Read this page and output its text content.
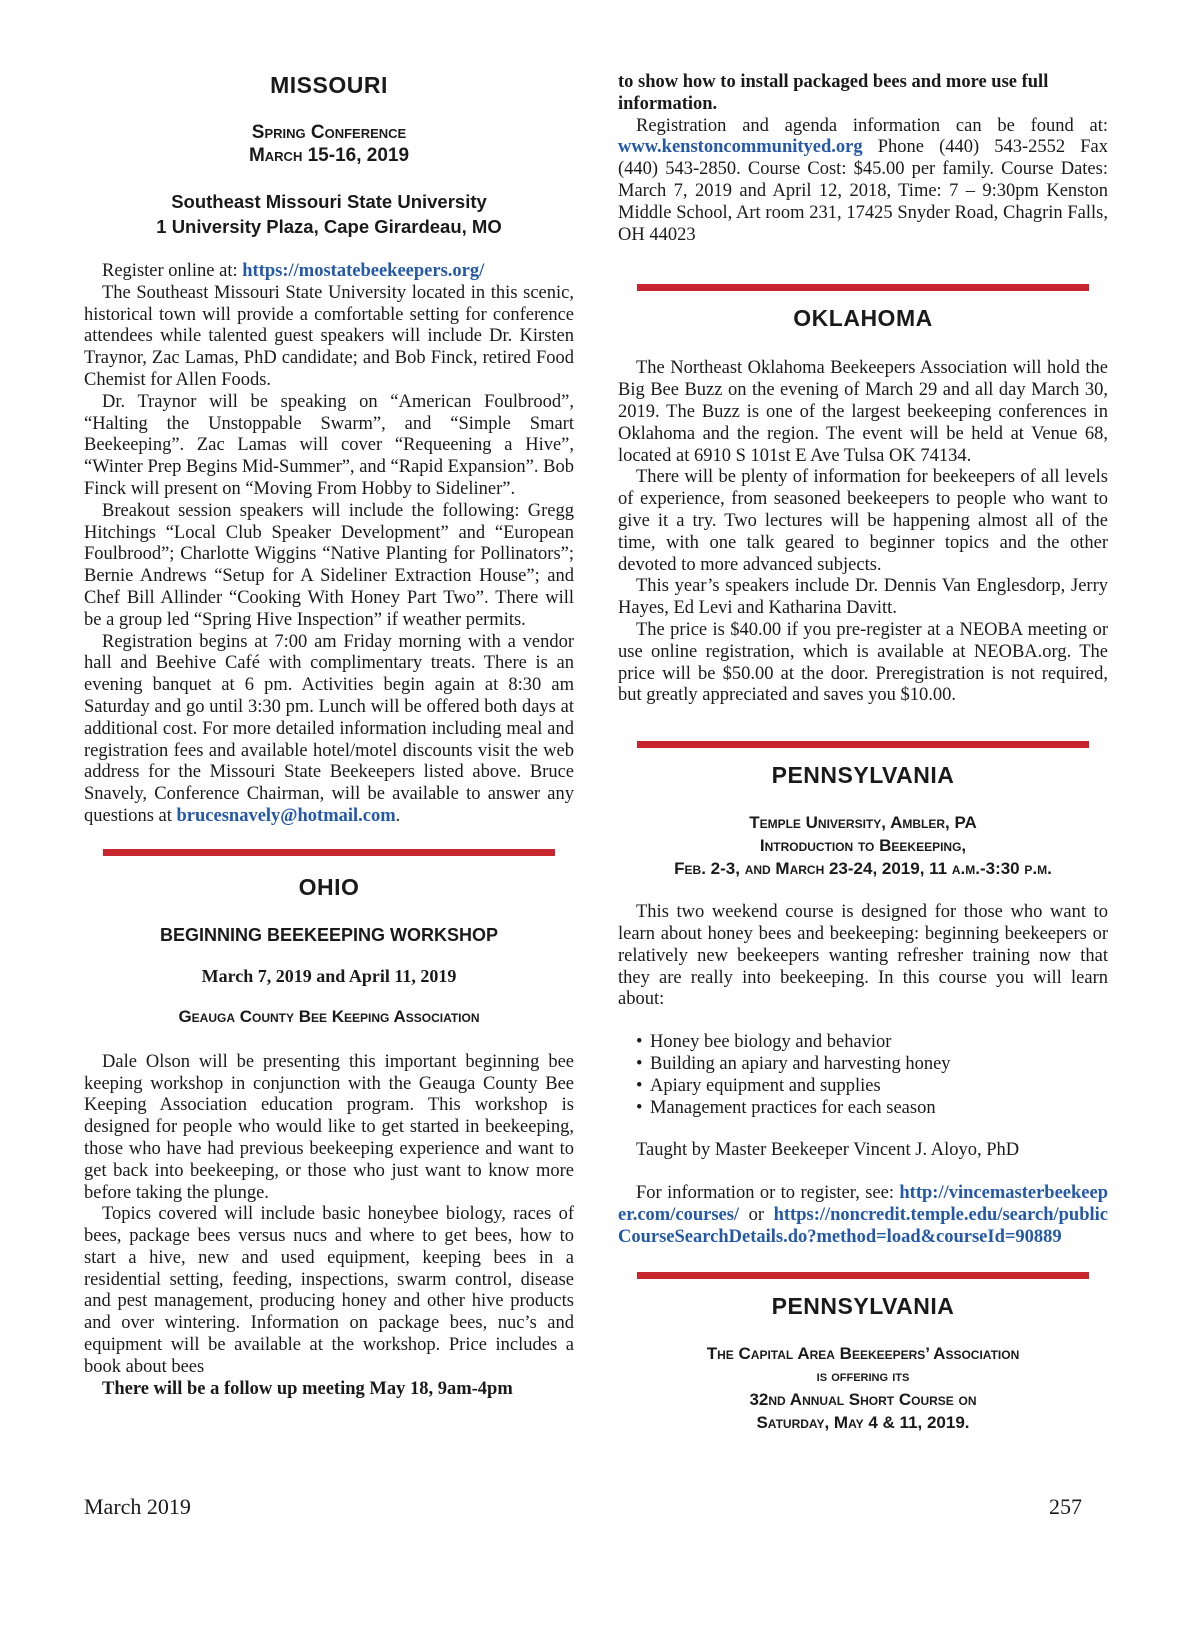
MISSOURI
Spring Conference
March 15-16, 2019
Southeast Missouri State University
1 University Plaza, Cape Girardeau, MO

Register online at: https://mostatebeekeepers.org/

The Southeast Missouri State University located in this scenic, historical town will provide a comfortable setting for conference attendees while talented guest speakers will include Dr. Kirsten Traynor, Zac Lamas, PhD candidate; and Bob Finck, retired Food Chemist for Allen Foods.

Dr. Traynor will be speaking on “American Foulbrood”, “Halting the Unstoppable Swarm”, and “Simple Smart Beekeeping”. Zac Lamas will cover “Requeening a Hive”, “Winter Prep Begins Mid-Summer”, and “Rapid Expansion”. Bob Finck will present on “Moving From Hobby to Sideliner”.

Breakout session speakers will include the following: Gregg Hitchings “Local Club Speaker Development” and “European Foulbrood”; Charlotte Wiggins “Native Planting for Pollinators”; Bernie Andrews “Setup for A Sideliner Extraction House”; and Chef Bill Allinder “Cooking With Honey Part Two”. There will be a group led “Spring Hive Inspection” if weather permits.

Registration begins at 7:00 am Friday morning with a vendor hall and Beehive Café with complimentary treats. There is an evening banquet at 6 pm. Activities begin again at 8:30 am Saturday and go until 3:30 pm. Lunch will be offered both days at additional cost. For more detailed information including meal and registration fees and available hotel/motel discounts visit the web address for the Missouri State Beekeepers listed above. Bruce Snavely, Conference Chairman, will be available to answer any questions at brucesnavely@hotmail.com.

OHIO
BEGINNING BEEKEEPING WORKSHOP
March 7, 2019 and April 11, 2019
Geauga County Bee Keeping Association

Dale Olson will be presenting this important beginning bee keeping workshop in conjunction with the Geauga County Bee Keeping Association education program. This workshop is designed for people who would like to get started in beekeeping, those who have had previous beekeeping experience and want to get back into beekeeping, or those who just want to know more before taking the plunge.

Topics covered will include basic honeybee biology, races of bees, package bees versus nucs and where to get bees, how to start a hive, new and used equipment, keeping bees in a residential setting, feeding, inspections, swarm control, disease and pest management, producing honey and other hive products and over wintering. Information on package bees, nuc’s and equipment will be available at the workshop. Price includes a book about bees

There will be a follow up meeting May 18, 9am-4pm

to show how to install packaged bees and more use full information.

Registration and agenda information can be found at: www.kenstoncommunityed.org Phone (440) 543-2552 Fax (440) 543-2850. Course Cost: $45.00 per family. Course Dates: March 7, 2019 and April 12, 2018, Time: 7 – 9:30pm Kenston Middle School, Art room 231, 17425 Snyder Road, Chagrin Falls, OH 44023

OKLAHOMA

The Northeast Oklahoma Beekeepers Association will hold the Big Bee Buzz on the evening of March 29 and all day March 30, 2019. The Buzz is one of the largest beekeeping conferences in Oklahoma and the region. The event will be held at Venue 68, located at 6910 S 101st E Ave Tulsa OK 74134.

There will be plenty of information for beekeepers of all levels of experience, from seasoned beekeepers to people who want to give it a try. Two lectures will be happening almost all of the time, with one talk geared to beginner topics and the other devoted to more advanced subjects.

This year’s speakers include Dr. Dennis Van Englesdorp, Jerry Hayes, Ed Levi and Katharina Davitt.

The price is $40.00 if you pre-register at a NEOBA meeting or use online registration, which is available at NEOBA.org. The price will be $50.00 at the door. Preregistration is not required, but greatly appreciated and saves you $10.00.

PENNSYLVANIA
Temple University, Ambler, PA
Introduction to Beekeeping,
Feb. 2-3, and March 23-24, 2019, 11 a.m.-3:30 p.m.

This two weekend course is designed for those who want to learn about honey bees and beekeeping: beginning beekeepers or relatively new beekeepers wanting refresher training now that they are really into beekeeping. In this course you will learn about:

• Honey bee biology and behavior
• Building an apiary and harvesting honey
• Apiary equipment and supplies
• Management practices for each season

Taught by Master Beekeeper Vincent J. Aloyo, PhD

For information or to register, see: http://vincemasterbeekeeper.com/courses/ or https://noncredit.temple.edu/search/publicCourseSearchDetails.do?method=load&courseId=90889

PENNSYLVANIA
The Capital Area Beekeepers’ Association
is offering its
32nd Annual Short Course on
Saturday, May 4 & 11, 2019.
March 2019	257
